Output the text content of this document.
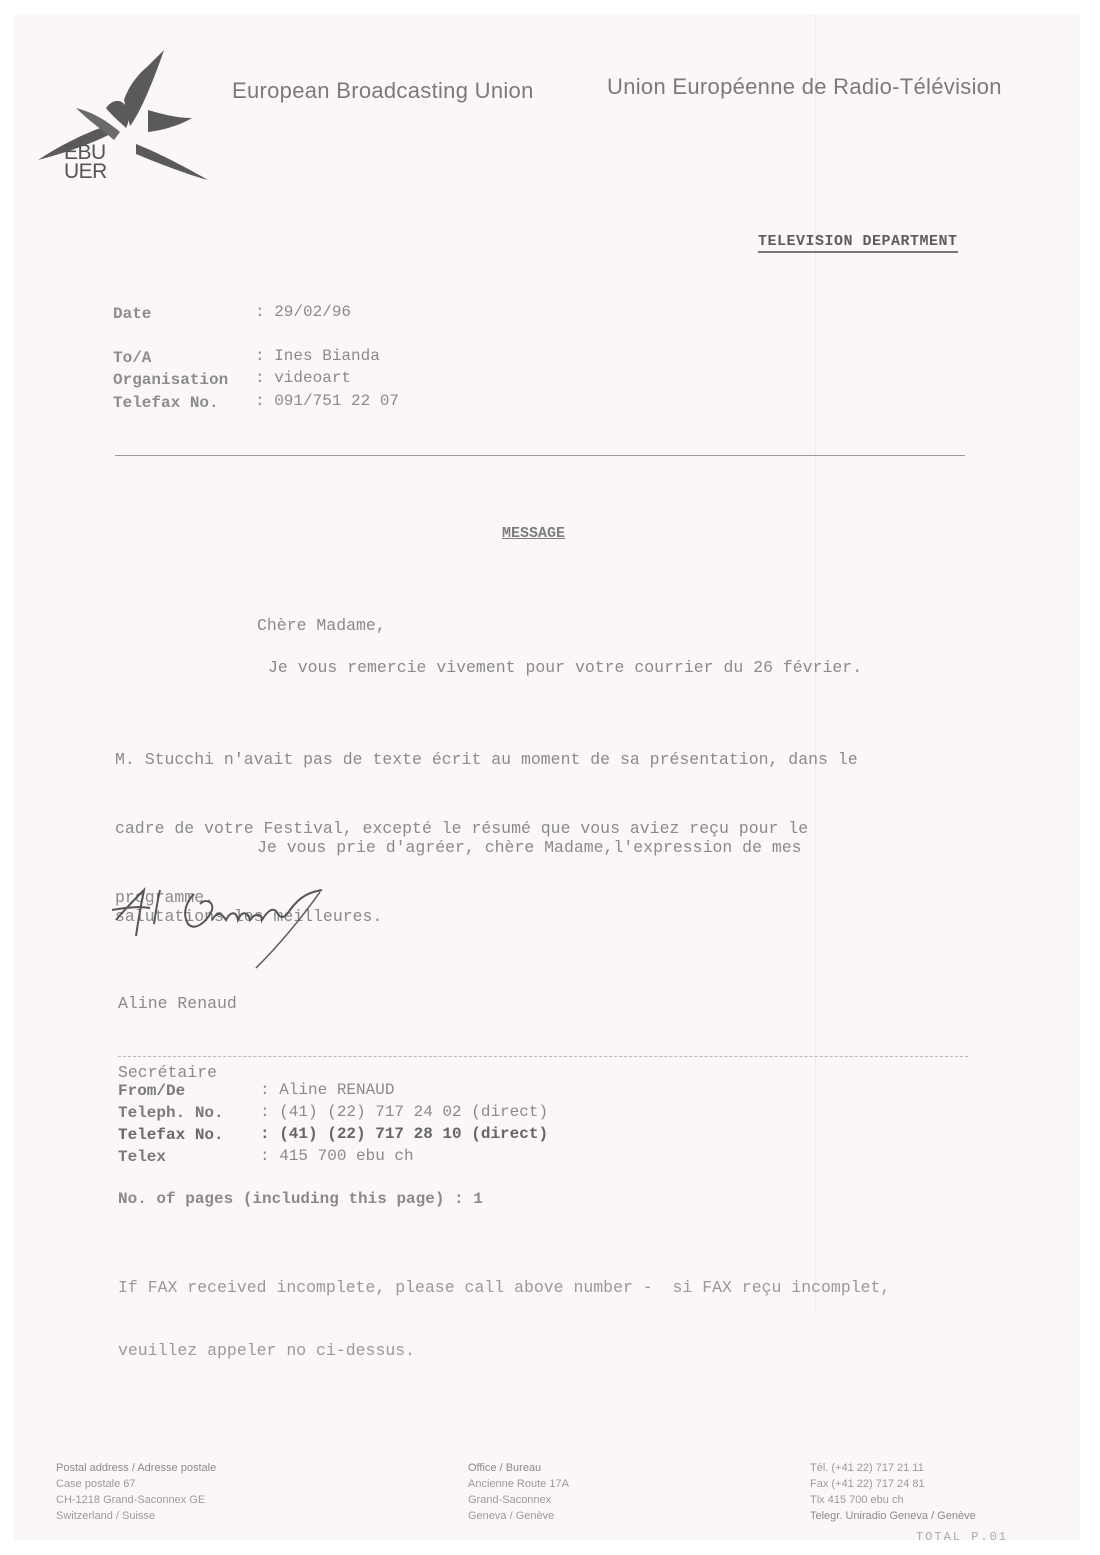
EBU
UER
European Broadcasting Union	Union Européenne de Radio-Télévision
TELEVISION DEPARTMENT
Date	: 29/02/96
To/A	: Ines Bianda
Organisation : videoart
Telefax No. : 091/751 22 07
MESSAGE
Chère Madame,
Je vous remercie vivement pour votre courrier du 26 février.

M. Stucchi n'avait pas de texte écrit au moment de sa présentation, dans le

cadre de votre Festival, excepté le résumé que vous aviez reçu pour le

programme.

Je vous prie d'agréer, chère Madame,l'expression de mes

salutations les meilleures.

Aline Renaud

Secrétaire

From/De	: Aline RENAUD
Teleph. No. : (41) (22) 717 24 02 (direct)
Telefax No. : (41) (22) 717 28 10 (direct)
Telex	: 415 700 ebu ch
No. of pages (including this page) : 1

If FAX received incomplete, please call above number -  si FAX reçu incomplet,

veuillez appeler no ci-dessus.

Postal address / Adresse postale
Case postale 67
CH-1218 Grand-Saconnex GE
Switzerland / Suisse
Office / Bureau
Ancienne Route 17A
Grand-Saconnex
Geneva / Genève
Tél. (+41 22) 717 21 11
Fax (+41 22) 717 24 81
Tlx 415 700 ebu ch
Telegr. Uniradio Geneva / Genève
TOTAL P.01
